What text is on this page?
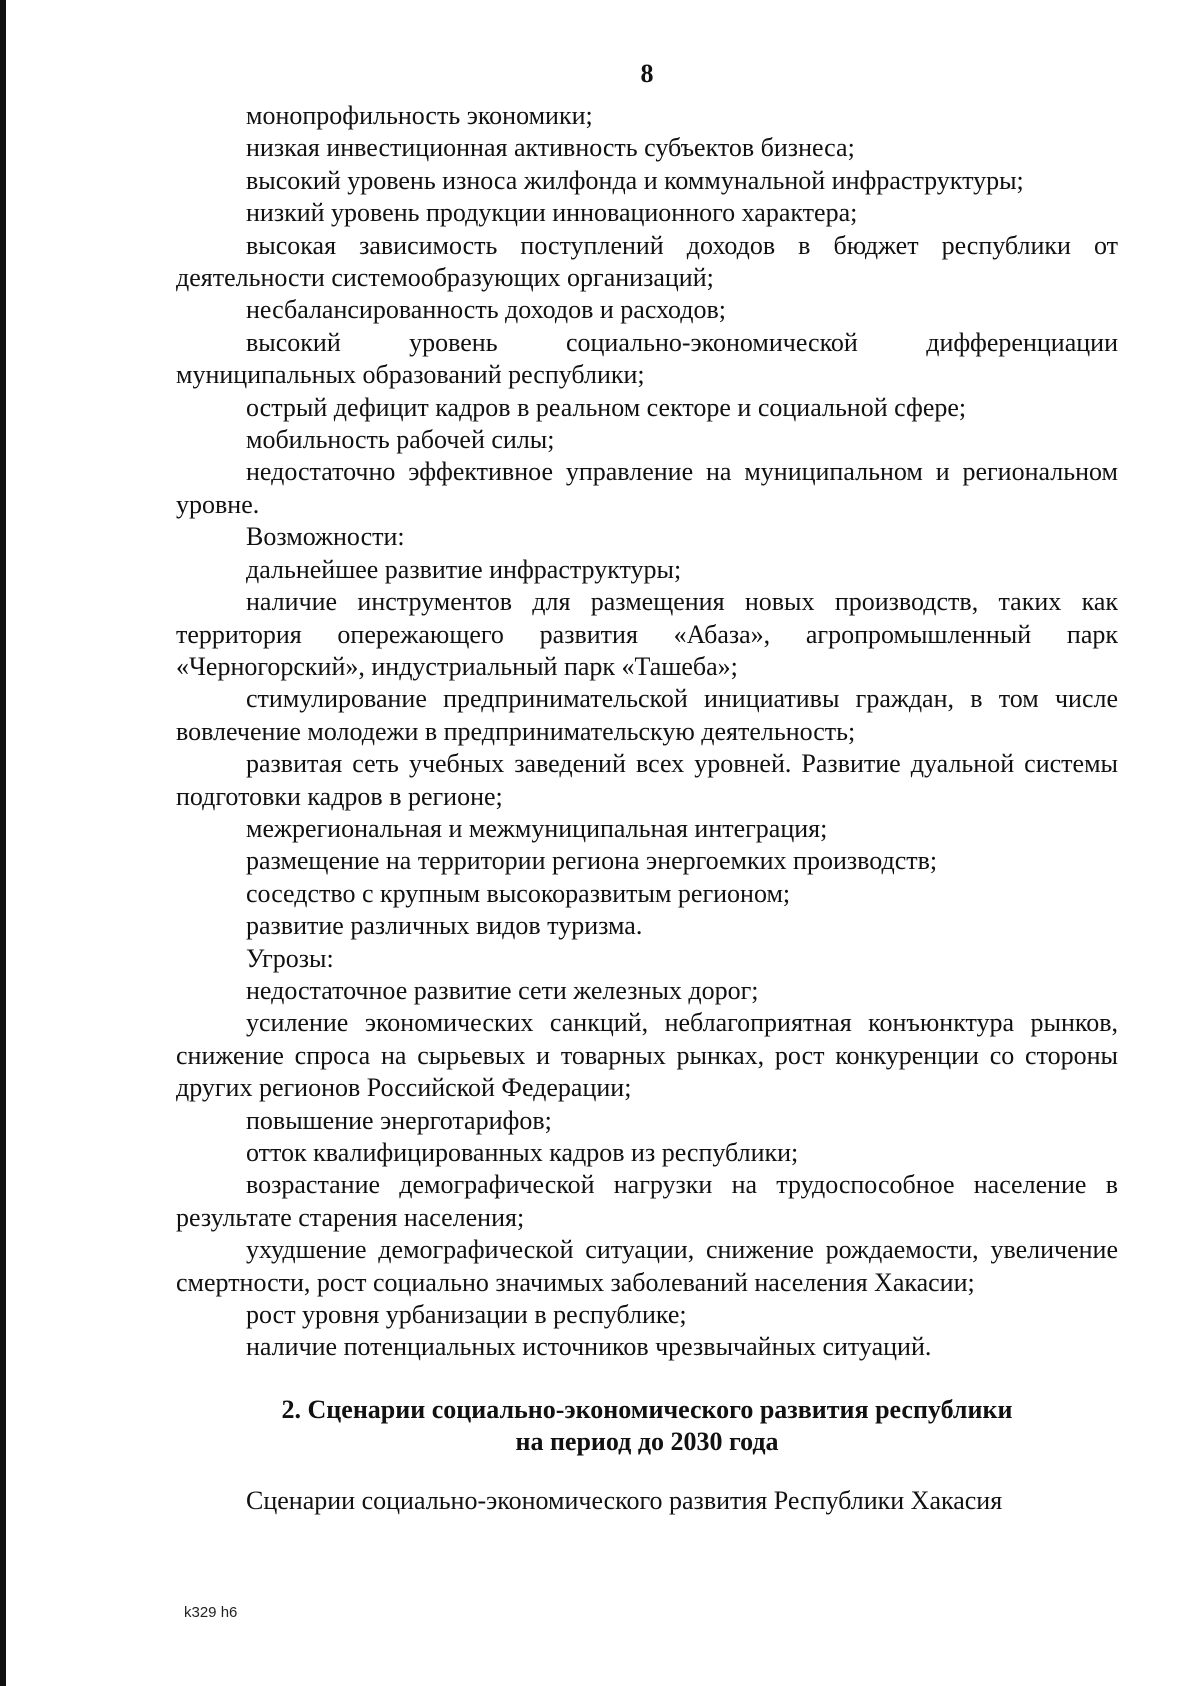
8

монопрофильность экономики;

низкая инвестиционная активность субъектов бизнеса;

высокий уровень износа жилфонда и коммунальной инфраструктуры;

низкий уровень продукции инновационного характера;

высокая зависимость поступлений доходов в бюджет республики от деятельности системообразующих организаций;

несбалансированность доходов и расходов;

высокий уровень социально-экономической дифференциации муниципальных образований республики;

острый дефицит кадров в реальном секторе и социальной сфере;

мобильность рабочей силы;

недостаточно эффективное управление на муниципальном и региональном уровне.

Возможности:

дальнейшее развитие инфраструктуры;

наличие инструментов для размещения новых производств, таких как территория опережающего развития «Абаза», агропромышленный парк «Черногорский», индустриальный парк «Ташеба»;

стимулирование предпринимательской инициативы граждан, в том числе вовлечение молодежи в предпринимательскую деятельность;

развитая сеть учебных заведений всех уровней. Развитие дуальной системы подготовки кадров в регионе;

межрегиональная и межмуниципальная интеграция;

размещение на территории региона энергоемких производств;

соседство с крупным высокоразвитым регионом;

развитие различных видов туризма.

Угрозы:

недостаточное развитие сети железных дорог;

усиление экономических санкций, неблагоприятная конъюнктура рынков, снижение спроса на сырьевых и товарных рынках, рост конкуренции со стороны других регионов Российской Федерации;

повышение энерготарифов;

отток квалифицированных кадров из республики;

возрастание демографической нагрузки на трудоспособное население в результате старения населения;

ухудшение демографической ситуации, снижение рождаемости, увеличение смертности, рост социально значимых заболеваний населения Хакасии;

рост уровня урбанизации в республике;

наличие потенциальных источников чрезвычайных ситуаций.

2. Сценарии социально-экономического развития республики
на период до 2030 года

Сценарии социально-экономического развития Республики Хакасия

k329 h6
